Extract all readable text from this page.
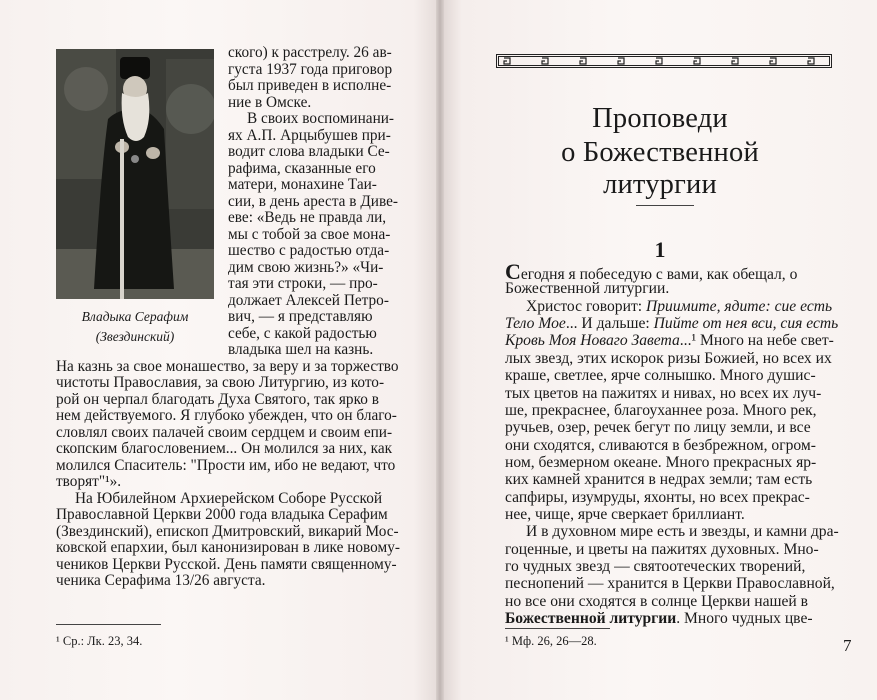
Владыка Серафим
(Звездинский)
ского) к расстрелу. 26 ав-
густа 1937 года приговор
был приведен в исполне-
ние в Омске.
В своих воспоминани-
ях А.П. Арцыбушев при-
водит слова владыки Се-
рафима, сказанные его
матери, монахине Таи-
сии, в день ареста в Диве-
еве: «Ведь не правда ли,
мы с тобой за свое мона-
шество с радостью отда-
дим свою жизнь?» «Чи-
тая эти строки, — про-
должает Алексей Петро-
вич, — я представляю
себе, с какой радостью
владыка шел на казнь.
На казнь за свое монашество, за веру и за торжество
чистоты Православия, за свою Литургию, из кото-
рой он черпал благодать Духа Святого, так ярко в
нем действуемого. Я глубоко убежден, что он благо-
словлял своих палачей своим сердцем и своим епи-
скопским благословением... Он молился за них, как
молился Спаситель: "Прости им, ибо не ведают, что
творят"¹».
На Юбилейном Архиерейском Соборе Русской
Православной Церкви 2000 года владыка Серафим
(Звездинский), епископ Дмитровский, викарий Мос-
ковской епархии, был канонизирован в лике новому-
чеников Церкви Русской. День памяти священному-
ченика Серафима 13/26 августа.
¹ Ср.: Лк. 23, 34.
Проповеди
о Божественной
литургии
1
Сегодня я побеседую с вами, как обещал, о
Божественной литургии.
Христос говорит: Приимите, ядите: сие есть
Тело Мое... И дальше: Пийте от нея вси, сия есть
Кровь Моя Новаго Завета...¹ Много на небе свет-
лых звезд, этих искорок ризы Божией, но всех их
краше, светлее, ярче солнышко. Много душис-
тых цветов на пажитях и нивах, но всех их луч-
ше, прекраснее, благоуханнее роза. Много рек,
ручьев, озер, речек бегут по лицу земли, и все
они сходятся, сливаются в безбрежном, огром-
ном, безмерном океане. Много прекрасных яр-
ких камней хранится в недрах земли; там есть
сапфиры, изумруды, яхонты, но всех прекрас-
нее, чище, ярче сверкает бриллиант.
И в духовном мире есть и звезды, и камни дра-
гоценные, и цветы на пажитях духовных. Мно-
го чудных звезд — святоотеческих творений,
песнопений — хранится в Церкви Православной,
но все они сходятся в солнце Церкви нашей в
Божественной литургии. Много чудных цве-
¹ Мф. 26, 26—28.	7
